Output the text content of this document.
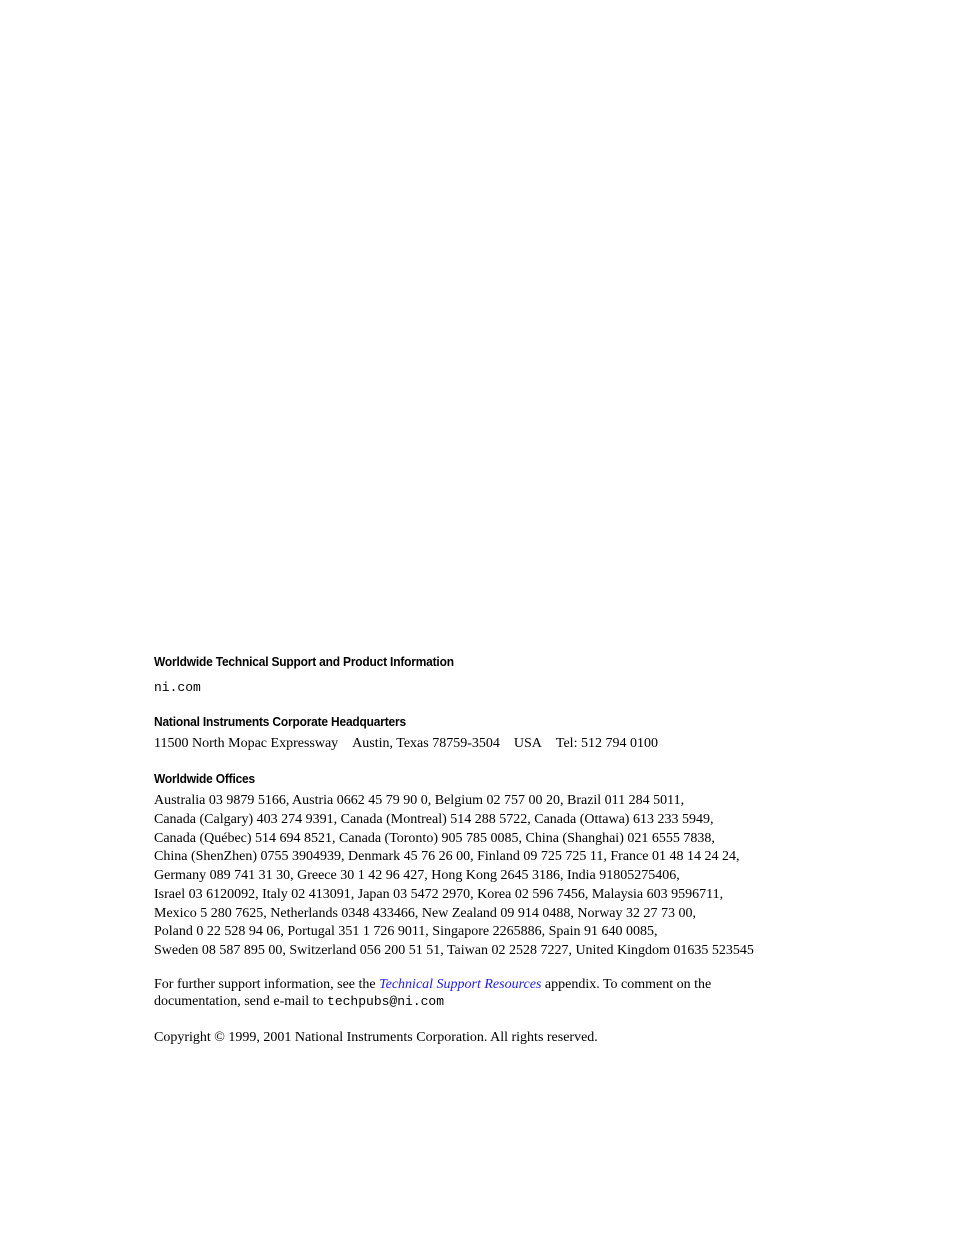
Worldwide Technical Support and Product Information
ni.com
National Instruments Corporate Headquarters
11500 North Mopac Expressway Austin, Texas 78759-3504 USA Tel: 512 794 0100
Worldwide Offices
Australia 03 9879 5166, Austria 0662 45 79 90 0, Belgium 02 757 00 20, Brazil 011 284 5011,
Canada (Calgary) 403 274 9391, Canada (Montreal) 514 288 5722, Canada (Ottawa) 613 233 5949,
Canada (Québec) 514 694 8521, Canada (Toronto) 905 785 0085, China (Shanghai) 021 6555 7838,
China (ShenZhen) 0755 3904939, Denmark 45 76 26 00, Finland 09 725 725 11, France 01 48 14 24 24,
Germany 089 741 31 30, Greece 30 1 42 96 427, Hong Kong 2645 3186, India 91805275406,
Israel 03 6120092, Italy 02 413091, Japan 03 5472 2970, Korea 02 596 7456, Malaysia 603 9596711,
Mexico 5 280 7625, Netherlands 0348 433466, New Zealand 09 914 0488, Norway 32 27 73 00,
Poland 0 22 528 94 06, Portugal 351 1 726 9011, Singapore 2265886, Spain 91 640 0085,
Sweden 08 587 895 00, Switzerland 056 200 51 51, Taiwan 02 2528 7227, United Kingdom 01635 523545
For further support information, see the Technical Support Resources appendix. To comment on the
documentation, send e-mail to techpubs@ni.com
Copyright © 1999, 2001 National Instruments Corporation. All rights reserved.
